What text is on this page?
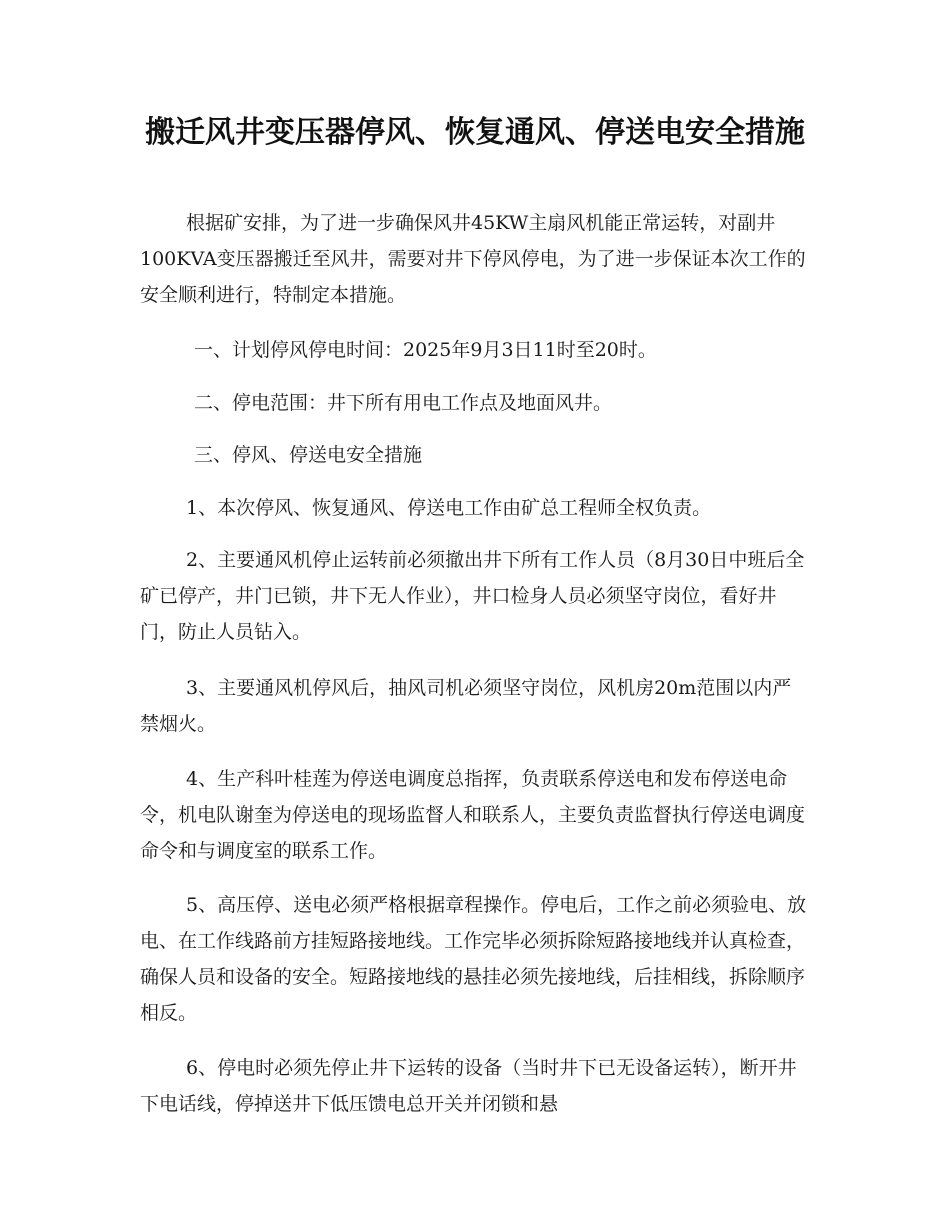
搬迁风井变压器停风、恢复通风、停送电安全措施

根据矿安排，为了进一步确保风井45KW主扇风机能正常运转，对副井100KVA变压器搬迁至风井，需要对井下停风停电，为了进一步保证本次工作的安全顺利进行，特制定本措施。

一、计划停风停电时间：2025年9月3日11时至20时。

二、停电范围：井下所有用电工作点及地面风井。

三、停风、停送电安全措施

1、本次停风、恢复通风、停送电工作由矿总工程师全权负责。

2、主要通风机停止运转前必须撤出井下所有工作人员（8月30日中班后全矿已停产，井门已锁，井下无人作业），井口检身人员必须坚守岗位，看好井门，防止人员钻入。

3、主要通风机停风后，抽风司机必须坚守岗位，风机房20m范围以内严禁烟火。

4、生产科叶桂莲为停送电调度总指挥，负责联系停送电和发布停送电命令，机电队谢奎为停送电的现场监督人和联系人，主要负责监督执行停送电调度命令和与调度室的联系工作。

5、高压停、送电必须严格根据章程操作。停电后，工作之前必须验电、放电、在工作线路前方挂短路接地线。工作完毕必须拆除短路接地线并认真检查，确保人员和设备的安全。短路接地线的悬挂必须先接地线，后挂相线，拆除顺序相反。

6、停电时必须先停止井下运转的设备（当时井下已无设备运转），断开井下电话线，停掉送井下低压馈电总开关并闭锁和悬
